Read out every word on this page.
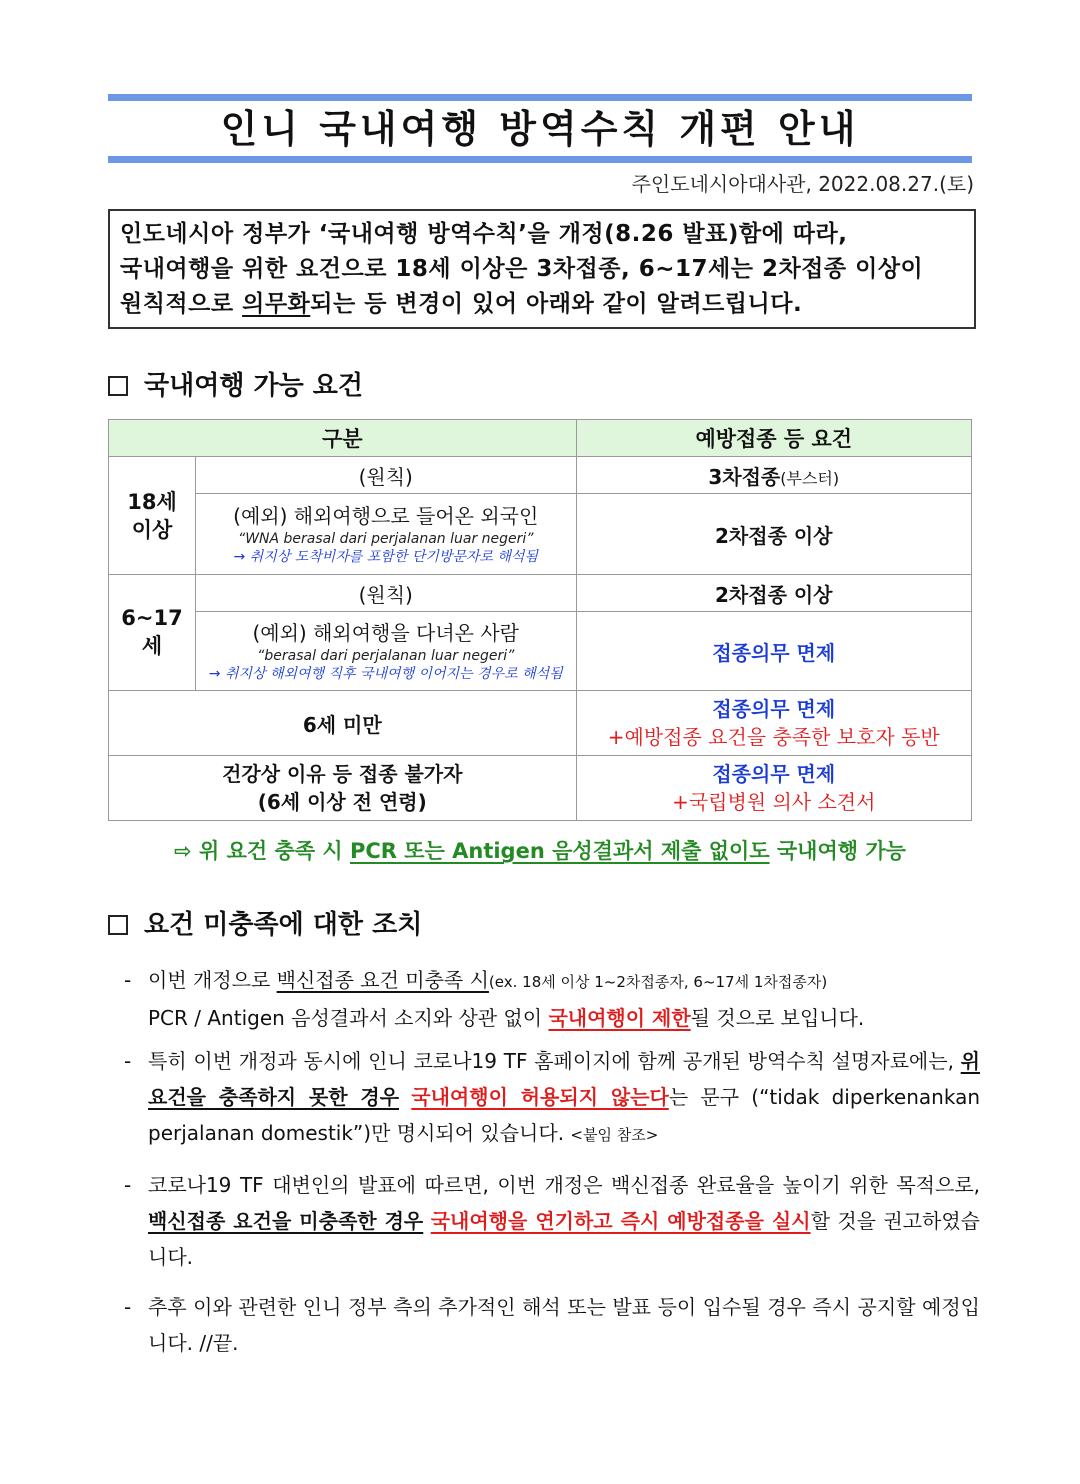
인니 국내여행 방역수칙 개편 안내
주인도네시아대사관, 2022.08.27.(토)
인도네시아 정부가 ‘국내여행 방역수칙’을 개정(8.26 발표)함에 따라,
국내여행을 위한 요건으로 18세 이상은 3차접종, 6~17세는 2차접종 이상이
원칙적으로 의무화되는 등 변경이 있어 아래와 같이 알려드립니다.
국내여행 가능 요건
구분		예방접종 등 요건
18세 이상	(원칙)	3차접종(부스터)

	(예외) 해외여행으로 들어온 외국인
“WNA berasal dari perjalanan luar negeri”
→ 취지상 도착비자를 포함한 단기방문자로 해석됨	2차접종 이상
6~17세	(원칙)	2차접종 이상

	(예외) 해외여행을 다녀온 사람
“berasal dari perjalanan luar negeri”
→ 취지상 해외여행 직후 국내여행 이어지는 경우로 해석됨	접종의무 면제
6세 미만		접종의무 면제
+예방접종 요건을 충족한 보호자 동반

건강상 이유 등 접종 불가자
(6세 이상 전 연령)		접종의무 면제
+국립병원 의사 소견서
⇨ 위 요건 충족 시 PCR 또는 Antigen 음성결과서 제출 없이도 국내여행 가능
요건 미충족에 대한 조치
- 이번 개정으로 백신접종 요건 미충족 시(ex. 18세 이상 1~2차접종자, 6~17세 1차접종자)
PCR / Antigen 음성결과서 소지와 상관 없이 국내여행이 제한될 것으로 보입니다.
- 특히 이번 개정과 동시에 인니 코로나19 TF 홈페이지에 함께 공개된 방역수칙 설명자료에는, 위 요건을 충족하지 못한 경우 국내여행이 허용되지 않는다는 문구 (“tidak diperkenankan perjalanan domestik”)만 명시되어 있습니다. <붙임 참조>
- 코로나19 TF 대변인의 발표에 따르면, 이번 개정은 백신접종 완료율을 높이기 위한 목적으로, 백신접종 요건을 미충족한 경우 국내여행을 연기하고 즉시 예방접종을 실시할 것을 권고하였습니다.
- 추후 이와 관련한 인니 정부 측의 추가적인 해석 또는 발표 등이 입수될 경우 즉시 공지할 예정입니다. //끝.
